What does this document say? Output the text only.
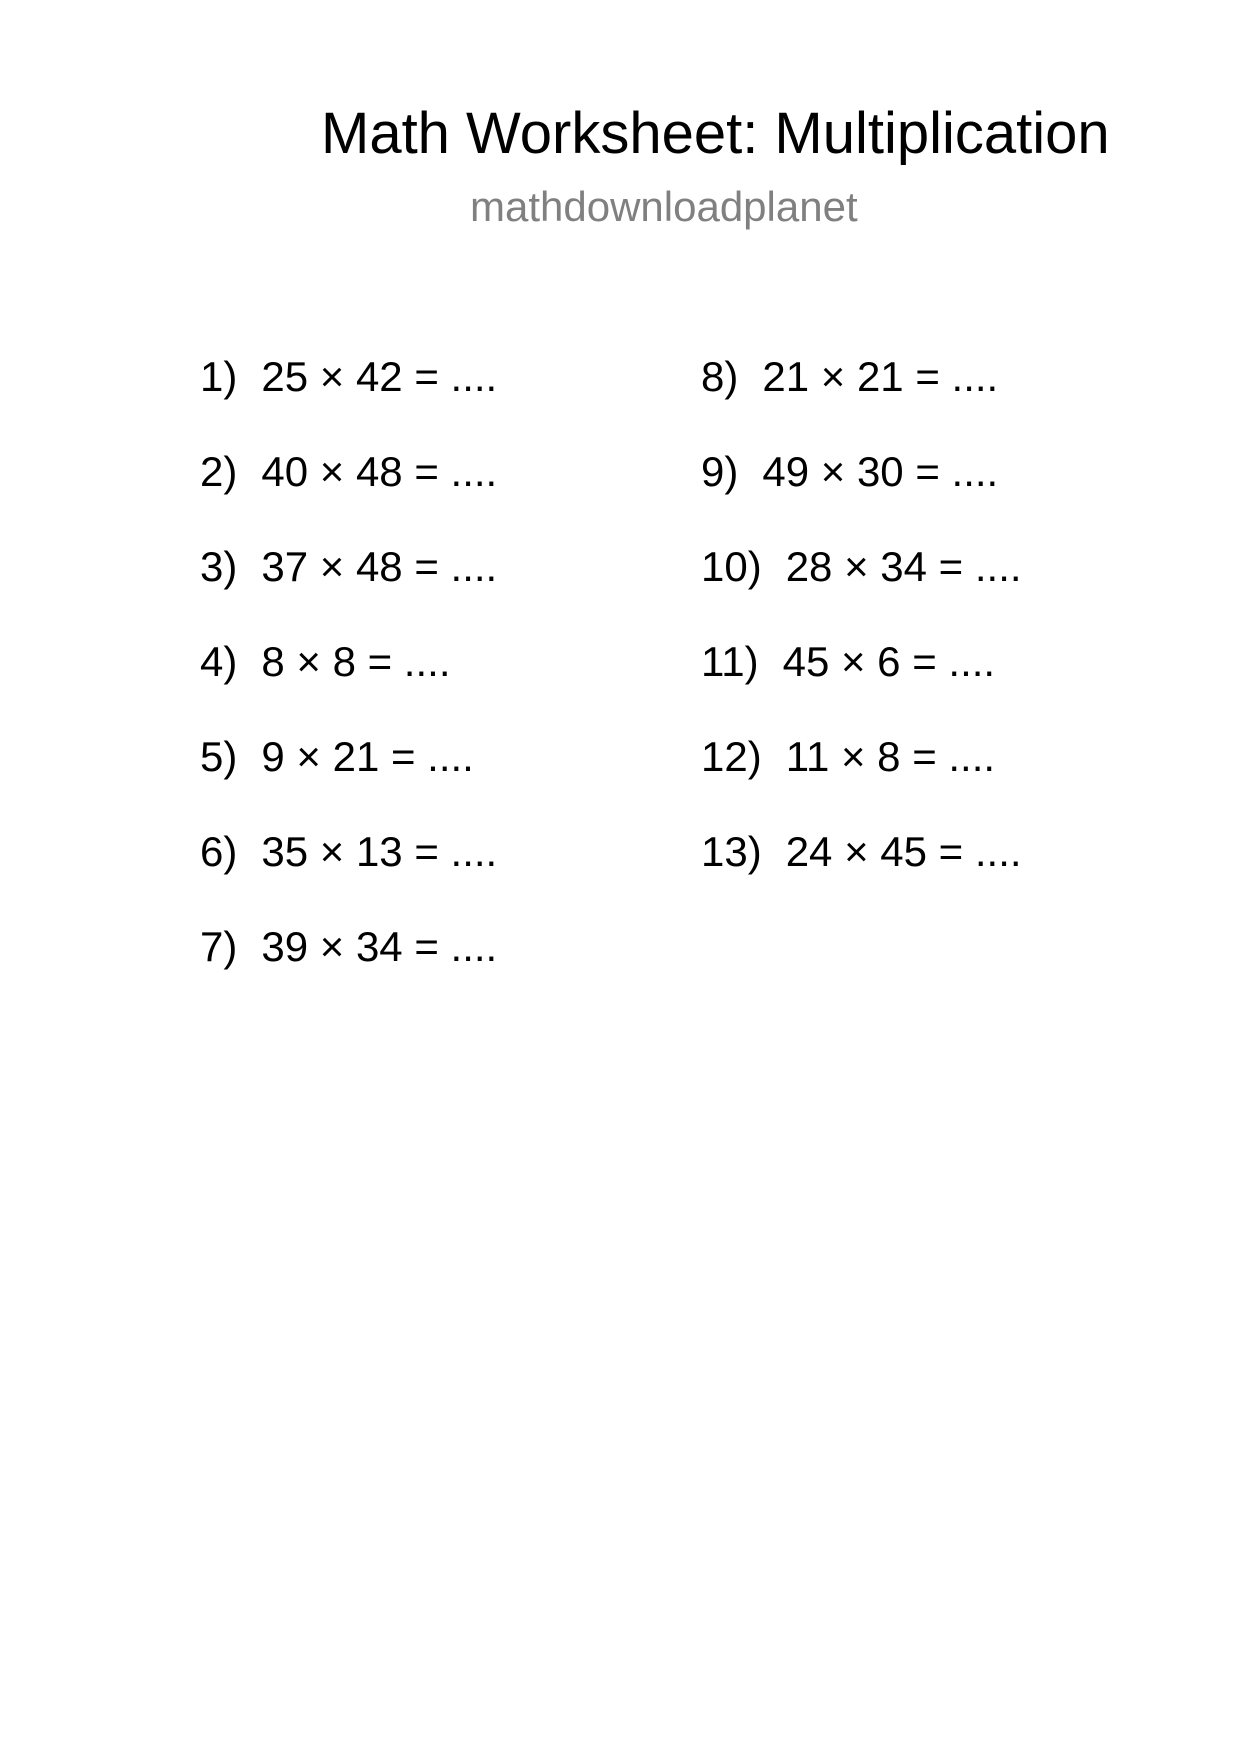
Math Worksheet: Multiplication
mathdownloadplanet
1) 25 × 42 = ....
2) 40 × 48 = ....
3) 37 × 48 = ....
4) 8 × 8 = ....
5) 9 × 21 = ....
6) 35 × 13 = ....
7) 39 × 34 = ....
8) 21 × 21 = ....
9) 49 × 30 = ....
10) 28 × 34 = ....
11) 45 × 6 = ....
12) 11 × 8 = ....
13) 24 × 45 = ....
